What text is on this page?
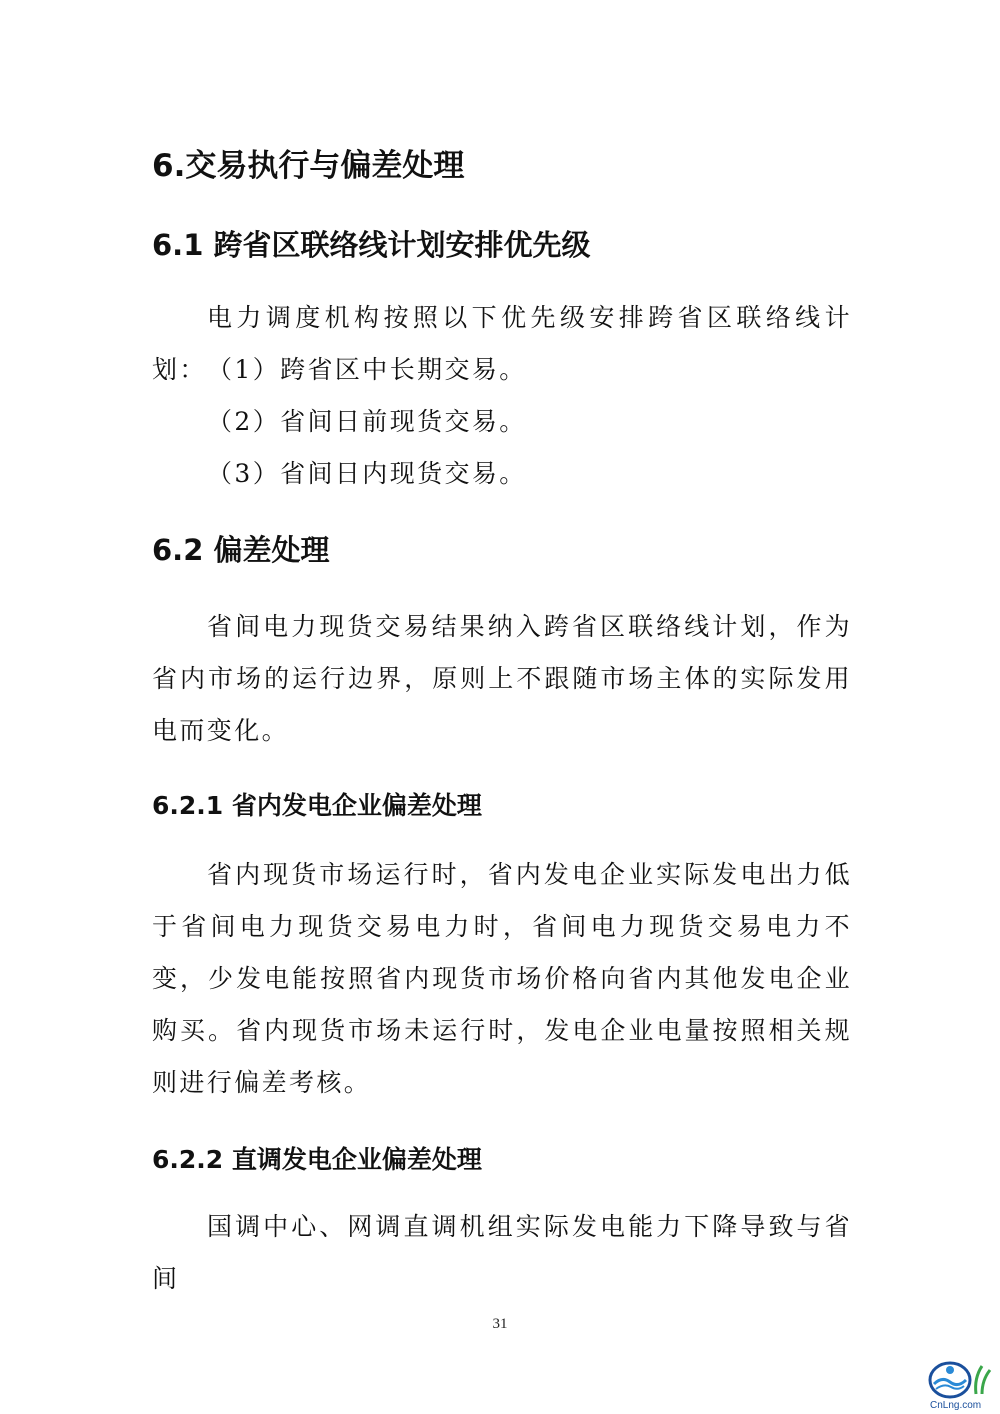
6.交易执行与偏差处理
6.1 跨省区联络线计划安排优先级

电力调度机构按照以下优先级安排跨省区联络线计划： （1）跨省区中长期交易。
（2）省间日前现货交易。
（3）省间日内现货交易。
6.2 偏差处理

省间电力现货交易结果纳入跨省区联络线计划，作为省内市场的运行边界，原则上不跟随市场主体的实际发用电而变化。

6.2.1 省内发电企业偏差处理

省内现货市场运行时，省内发电企业实际发电出力低于省间电力现货交易电力时，省间电力现货交易电力不变，少发电能按照省内现货市场价格向省内其他发电企业购买。省内现货市场未运行时，发电企业电量按照相关规则进行偏差考核。

6.2.2 直调发电企业偏差处理

国调中心、网调直调机组实际发电能力下降导致与省间

31
CnLng.com
